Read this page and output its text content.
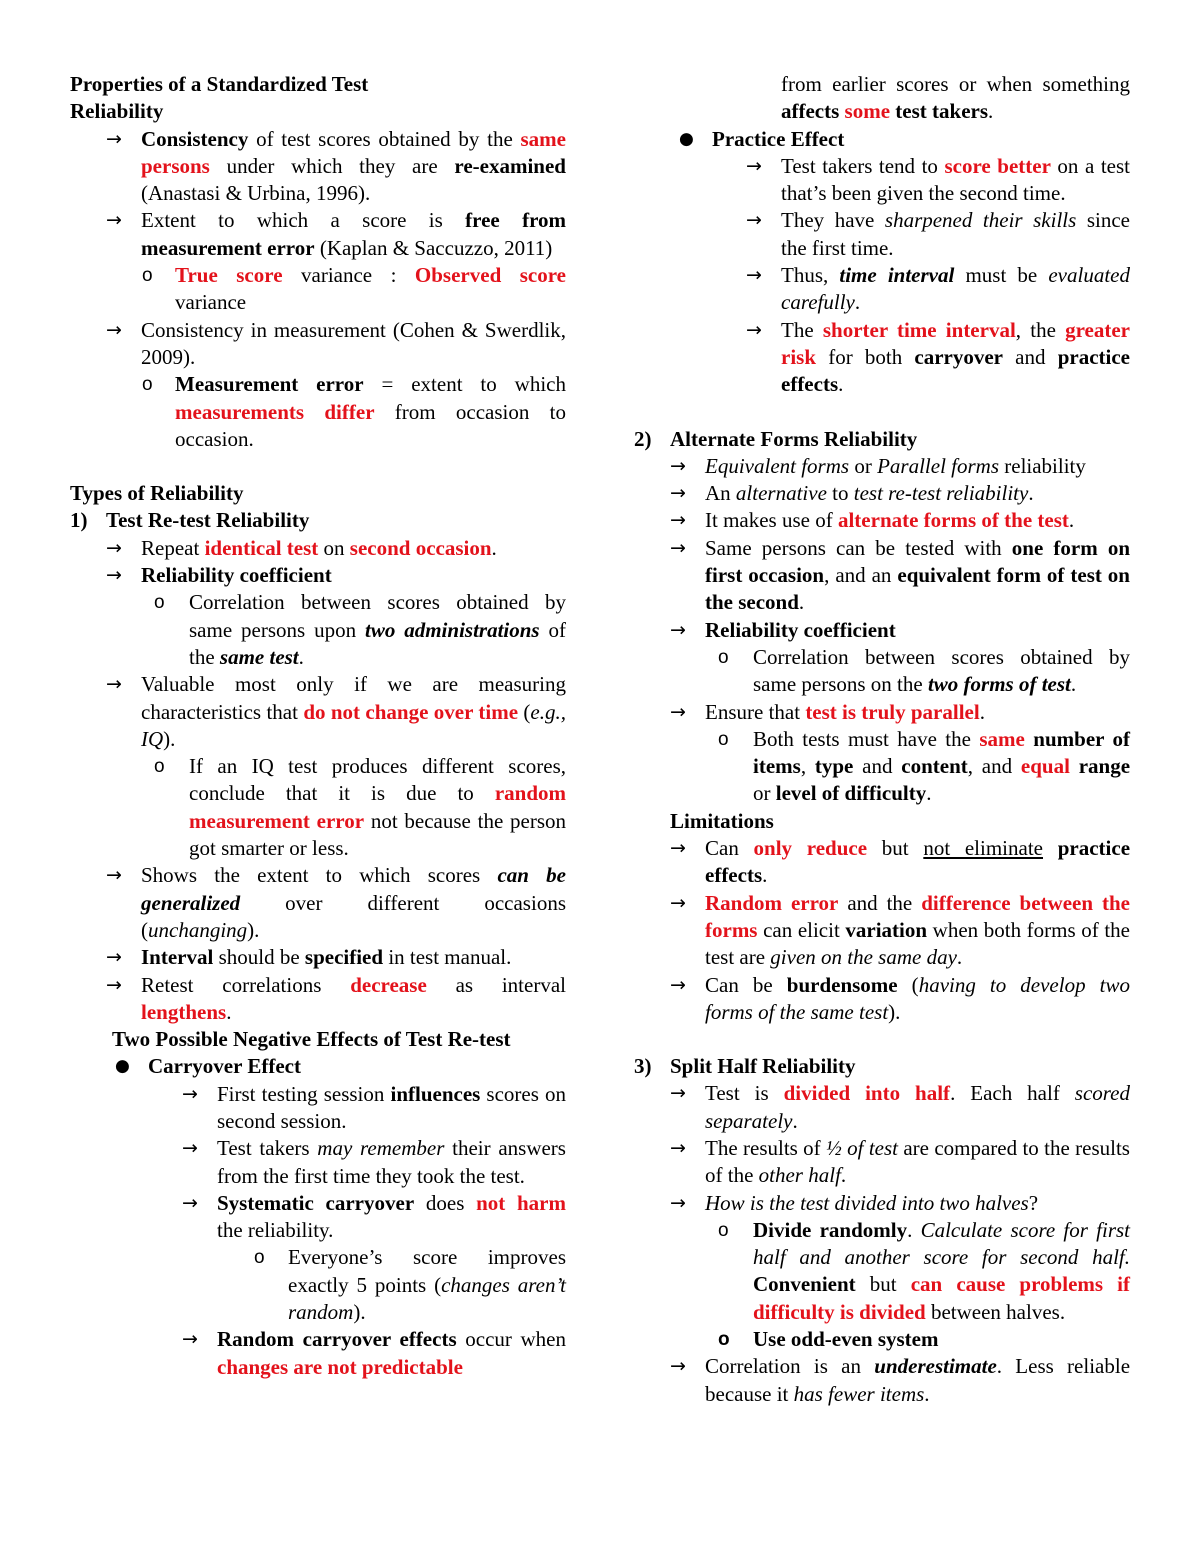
Properties of a Standardized Test
Reliability
→ Consistency of test scores obtained by the same persons under which they are re-examined (Anastasi & Urbina, 1996).
→ Extent to which a score is free from measurement error (Kaplan & Saccuzzo, 2011)
o True score variance : Observed score variance
→ Consistency in measurement (Cohen & Swerdlik, 2009).
o Measurement error = extent to which measurements differ from occasion to occasion.
Types of Reliability
1) Test Re-test Reliability
→ Repeat identical test on second occasion.
→ Reliability coefficient
o Correlation between scores obtained by same persons upon two administrations of the same test.
→ Valuable most only if we are measuring characteristics that do not change over time (e.g., IQ).
o If an IQ test produces different scores, conclude that it is due to random measurement error not because the person got smarter or less.
→ Shows the extent to which scores can be generalized over different occasions (unchanging).
→ Interval should be specified in test manual.
→ Retest correlations decrease as interval lengthens.
Two Possible Negative Effects of Test Re-test
● Carryover Effect
→ First testing session influences scores on second session.
→ Test takers may remember their answers from the first time they took the test.
→ Systematic carryover does not harm the reliability.
o Everyone’s score improves exactly 5 points (changes aren’t random).
→ Random carryover effects occur when changes are not predictable
from earlier scores or when something affects some test takers.
● Practice Effect
→ Test takers tend to score better on a test that’s been given the second time.
→ They have sharpened their skills since the first time.
→ Thus, time interval must be evaluated carefully.
→ The shorter time interval, the greater risk for both carryover and practice effects.
2) Alternate Forms Reliability
→ Equivalent forms or Parallel forms reliability
→ An alternative to test re-test reliability.
→ It makes use of alternate forms of the test.
→ Same persons can be tested with one form on first occasion, and an equivalent form of test on the second.
→ Reliability coefficient
o Correlation between scores obtained by same persons on the two forms of test.
→ Ensure that test is truly parallel.
o Both tests must have the same number of items, type and content, and equal range or level of difficulty.
Limitations
→ Can only reduce but not eliminate practice effects.
→ Random error and the difference between the forms can elicit variation when both forms of the test are given on the same day.
→ Can be burdensome (having to develop two forms of the same test).
3) Split Half Reliability
→ Test is divided into half. Each half scored separately.
→ The results of ½ of test are compared to the results of the other half.
→ How is the test divided into two halves?
o Divide randomly. Calculate score for first half and another score for second half. Convenient but can cause problems if difficulty is divided between halves.
o Use odd-even system
→ Correlation is an underestimate. Less reliable because it has fewer items.
